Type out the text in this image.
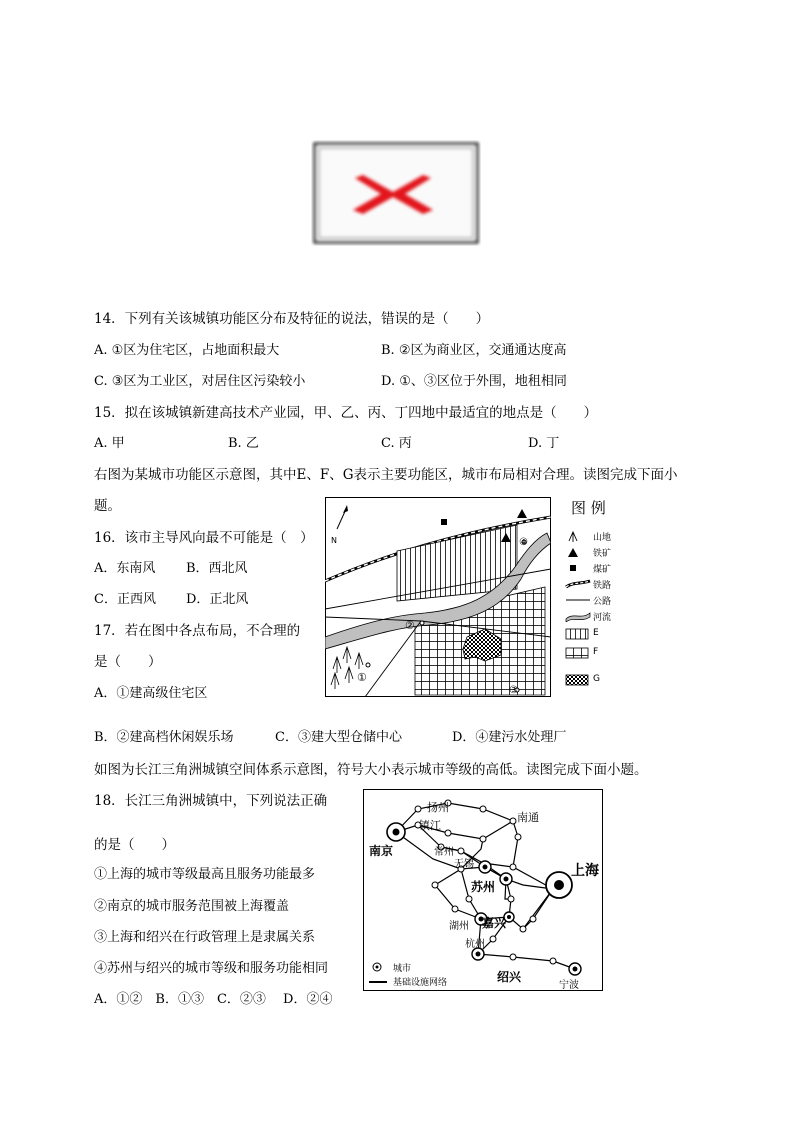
14．下列有关该城镇功能区分布及特征的说法，错误的是（　　）
A. ①区为住宅区，占地面积最大	B. ②区为商业区，交通通达度高
C. ③区为工业区，对居住区污染较小	D. ①、③区位于外围，地租相同
15．拟在该城镇新建高技术产业园，甲、乙、丙、丁四地中最适宜的地点是（　　）
A. 甲	B. 乙	C. 丙	D. 丁
右图为某城市功能区示意图，其中E、F、G表示主要功能区，城市布局相对合理。读图完成下面小
题。
16．该市主导风向最不可能是（　）
A．东南风 B．西北风
C．正西风 D．正北风
17．若在图中各点布局，不合理的
是（　　）
A．①建高级住宅区
B．②建高档休闲娱乐场	C．③建大型仓储中心	D．④建污水处理厂
N
①
②
③
④
图 例
山地
铁矿
煤矿
铁路
公路
河流
E
F
G
如图为长江三角洲城镇空间体系示意图，符号大小表示城市等级的高低。读图完成下面小题。
18．长江三角洲城镇中，下列说法正确
的是（　　）
①上海的城市等级最高且服务功能最多
②南京的城市服务范围被上海覆盖
③上海和绍兴在行政管理上是隶属关系
④苏州与绍兴的城市等级和服务功能相同
A．①②　B．①③　C．②③　 D．②④
扬州
南通
镇江
常州
南京
无锡
苏州
上海
湖州 嘉兴
杭州
绍兴
宁波
城市
基础设施网络
